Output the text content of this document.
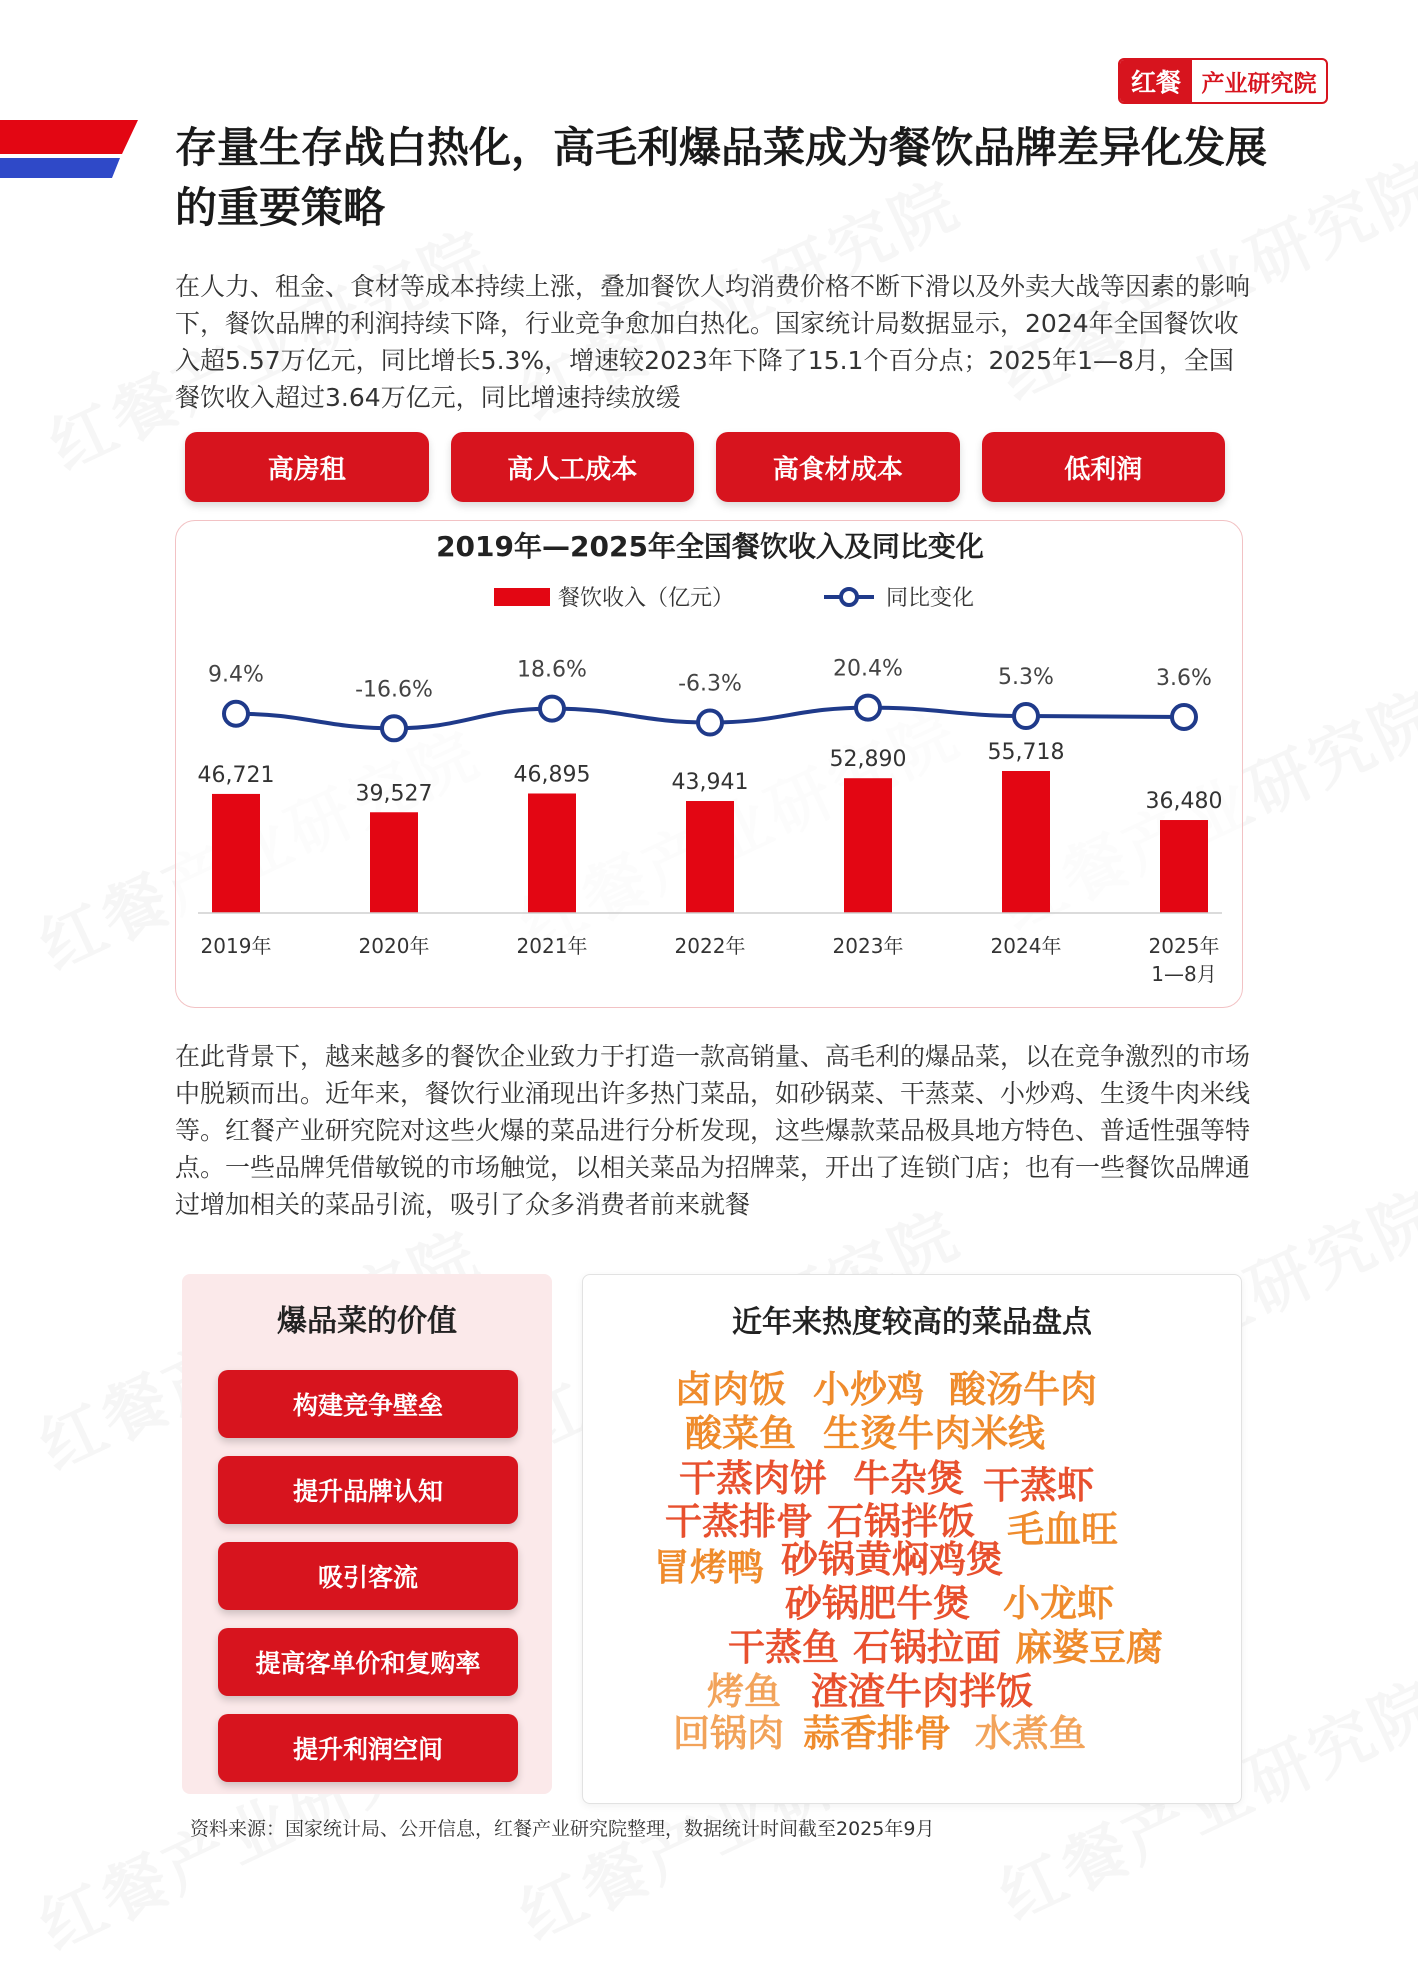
红餐 产业研究院
存量生存战白热化，高毛利爆品菜成为餐饮品牌差异化发展的重要策略
在人力、租金、食材等成本持续上涨，叠加餐饮人均消费价格不断下滑以及外卖大战等因素的影响下，餐饮品牌的利润持续下降，行业竞争愈加白热化。国家统计局数据显示，2024年全国餐饮收入超5.57万亿元，同比增长5.3%，增速较2023年下降了15.1个百分点；2025年1—8月，全国餐饮收入超过3.64万亿元，同比增速持续放缓
高房租	高人工成本	高食材成本	低利润
2019年—2025年全国餐饮收入及同比变化
餐饮收入（亿元）	同比变化
46,721
39,527
46,895	43,941
52,890	55,718
36,480
9.4%
-16.6%
18.6%
-6.3%
20.4%	5.3%	3.6%
2019年	2020年	2021年	2022年	2023年	2024年	2025年
1—8月
在此背景下，越来越多的餐饮企业致力于打造一款高销量、高毛利的爆品菜，以在竞争激烈的市场中脱颖而出。近年来，餐饮行业涌现出许多热门菜品，如砂锅菜、干蒸菜、小炒鸡、生烫牛肉米线等。红餐产业研究院对这些火爆的菜品进行分析发现，这些爆款菜品极具地方特色、普适性强等特点。一些品牌凭借敏锐的市场触觉，以相关菜品为招牌菜，开出了连锁门店；也有一些餐饮品牌通过增加相关的菜品引流，吸引了众多消费者前来就餐
爆品菜的价值
构建竞争壁垒
提升品牌认知
吸引客流
提高客单价和复购率
提升利润空间
近年来热度较高的菜品盘点
卤肉饭 小炒鸡 酸汤牛肉
酸菜鱼 生烫牛肉米线
干蒸肉饼 牛杂煲 干蒸虾
干蒸排骨 石锅拌饭 毛血旺
冒烤鸭 砂锅黄焖鸡煲
砂锅肥牛煲 小龙虾
干蒸鱼 石锅拉面 麻婆豆腐
烤鱼 渣渣牛肉拌饭
回锅肉 蒜香排骨 水煮鱼
资料来源：国家统计局、公开信息，红餐产业研究院整理，数据统计时间截至2025年9月
